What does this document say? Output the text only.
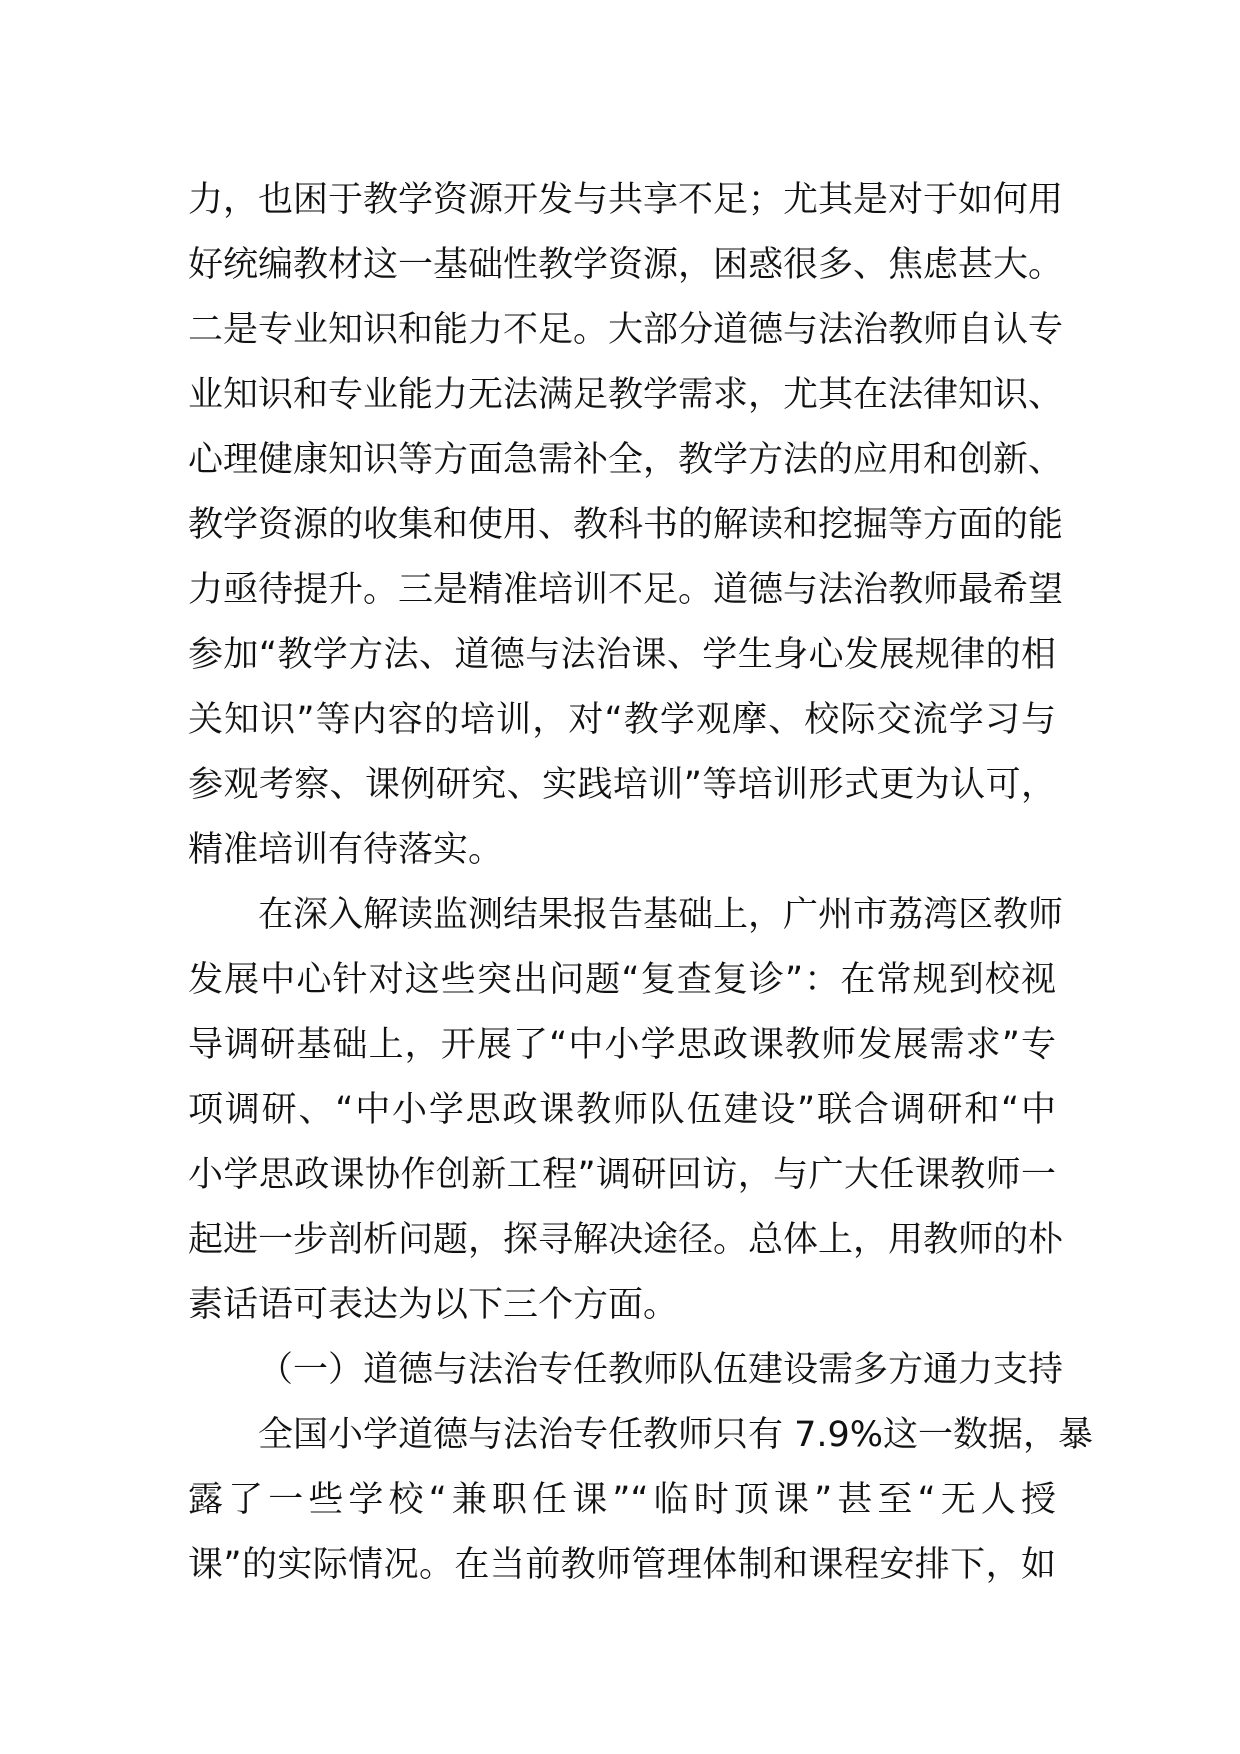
力，也困于教学资源开发与共享不足；尤其是对于如何用
好统编教材这一基础性教学资源，困惑很多、焦虑甚大。
二是专业知识和能力不足。大部分道德与法治教师自认专
业知识和专业能力无法满足教学需求，尤其在法律知识、
心理健康知识等方面急需补全，教学方法的应用和创新、
教学资源的收集和使用、教科书的解读和挖掘等方面的能
力亟待提升。三是精准培训不足。道德与法治教师最希望
参加“教学方法、道德与法治课、学生身心发展规律的相
关知识”等内容的培训，对“教学观摩、校际交流学习与
参观考察、课例研究、实践培训”等培训形式更为认可，
精准培训有待落实。
在深入解读监测结果报告基础上，广州市荔湾区教师
发展中心针对这些突出问题“复查复诊”：在常规到校视
导调研基础上，开展了“中小学思政课教师发展需求”专
项调研、“中小学思政课教师队伍建设”联合调研和“中
小学思政课协作创新工程”调研回访，与广大任课教师一
起进一步剖析问题，探寻解决途径。总体上，用教师的朴
素话语可表达为以下三个方面。
（一）道德与法治专任教师队伍建设需多方通力支持
全国小学道德与法治专任教师只有 7.9%这一数据，暴
露了一些学校“兼职任课”“临时顶课”甚至“无人授
课”的实际情况。在当前教师管理体制和课程安排下，如
